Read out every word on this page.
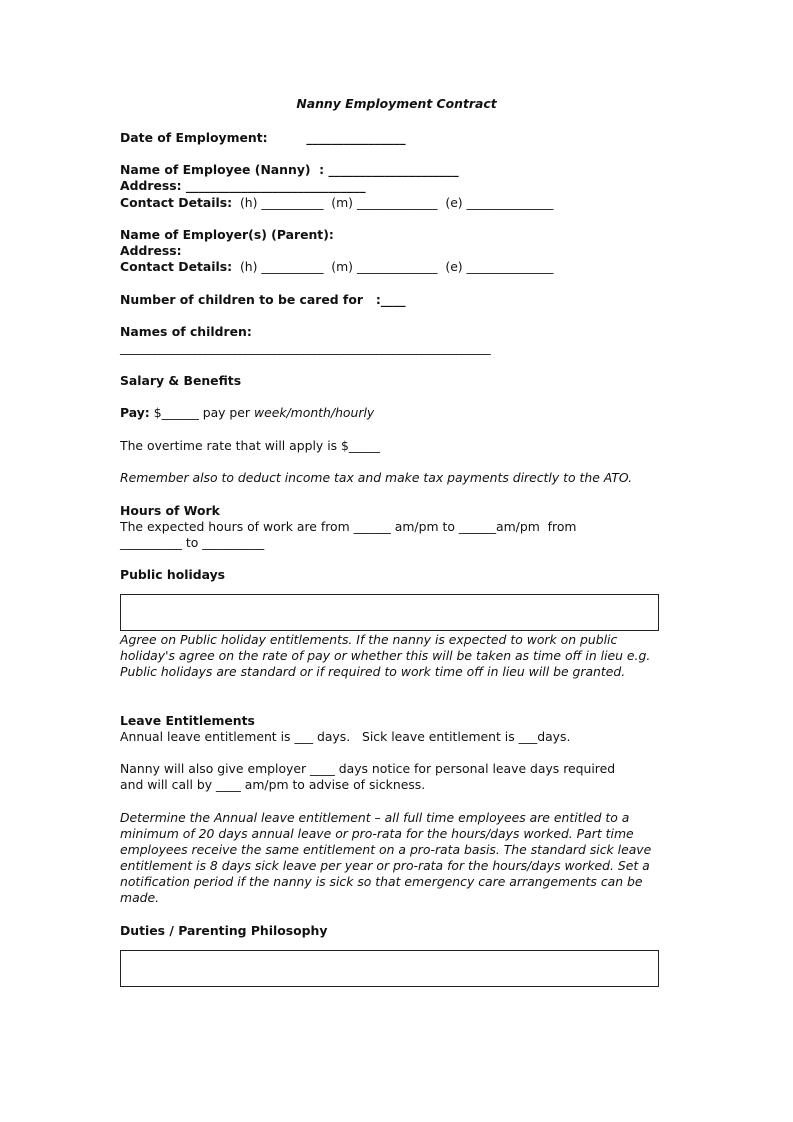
Nanny Employment Contract
Date of Employment:         ________________
Name of Employee (Nanny)  : _____________________
Address: _____________________________
Contact Details:  (h) __________  (m) _____________  (e) ______________
Name of Employer(s) (Parent):
Address:
Contact Details:  (h) __________  (m) _____________  (e) ______________
Number of children to be cared for   :____
Names of children:
_________________________________________________________________
Salary & Benefits
Pay: $______ pay per week/month/hourly
The overtime rate that will apply is $_____
Remember also to deduct income tax and make tax payments directly to the ATO.
Hours of Work
The expected hours of work are from ______ am/pm to ______am/pm  from
__________ to __________
Public holidays
Agree on Public holiday entitlements. If the nanny is expected to work on public holiday's agree on the rate of pay or whether this will be taken as time off in lieu e.g. Public holidays are standard or if required to work time off in lieu will be granted.
Leave Entitlements
Annual leave entitlement is ___ days.   Sick leave entitlement is ___days.
Nanny will also give employer ____ days notice for personal leave days required
and will call by ____ am/pm to advise of sickness.
Determine the Annual leave entitlement – all full time employees are entitled to a minimum of 20 days annual leave or pro-rata for the hours/days worked. Part time employees receive the same entitlement on a pro-rata basis. The standard sick leave entitlement is 8 days sick leave per year or pro-rata for the hours/days worked. Set a notification period if the nanny is sick so that emergency care arrangements can be made.
Duties / Parenting Philosophy
